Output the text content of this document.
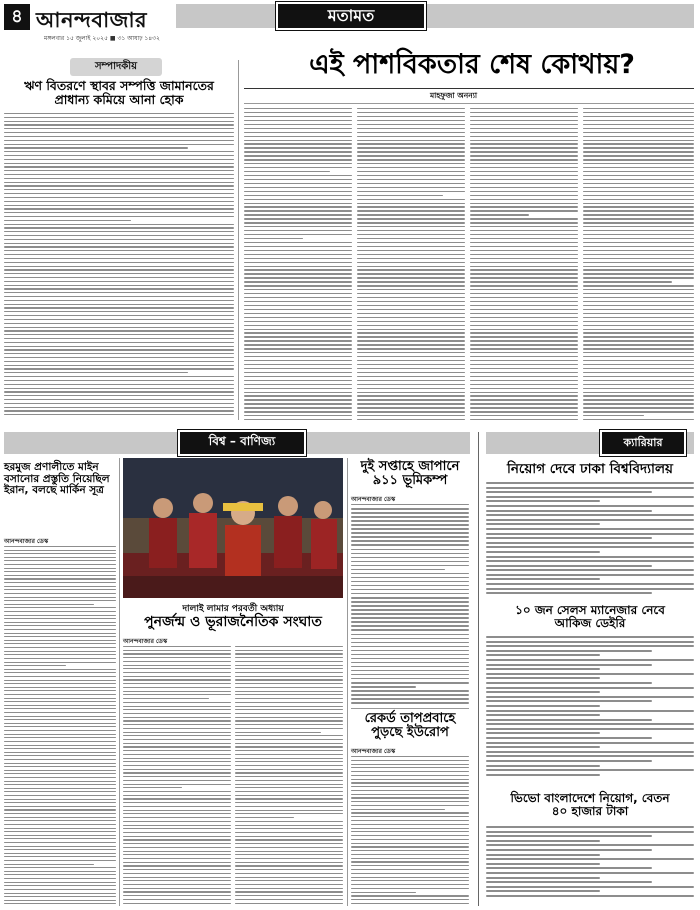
৪ আনন্দবাজার
মঙ্গলবার ১৫ জুলাই ২০২৫ ■ ৩১ আষাঢ় ১৪৩২
মতামত
সম্পাদকীয়
ঋণ বিতরণে স্থাবর সম্পত্তি জামানতের
প্রাধান্য কমিয়ে আনা হোক
এই পাশবিকতার শেষ কোথায়?
মাহফুজা অনন্যা
বিশ্ব – বাণিজ্য	ক্যারিয়ার
হরমুজ প্রণালীতে মাইন বসানোর প্রস্তুতি নিয়েছিল ইরান, বলছে মার্কিন সূত্র
আনন্দবাজার ডেস্ক
দালাই লামার পরবর্তী অধ্যায়
পুনর্জন্ম ও ভূরাজনৈতিক সংঘাত
আনন্দবাজার ডেস্ক
দুই সপ্তাহে জাপানে
৯১১ ভূমিকম্প
আনন্দবাজার ডেস্ক
রেকর্ড তাপপ্রবাহে
পুড়ছে ইউরোপ
আনন্দবাজার ডেস্ক
নিয়োগ দেবে ঢাকা বিশ্ববিদ্যালয়
১০ জন সেলস ম্যানেজার নেবে
আকিজ ডেইরি
ভিভো বাংলাদেশে নিয়োগ, বেতন
৪০ হাজার টাকা
